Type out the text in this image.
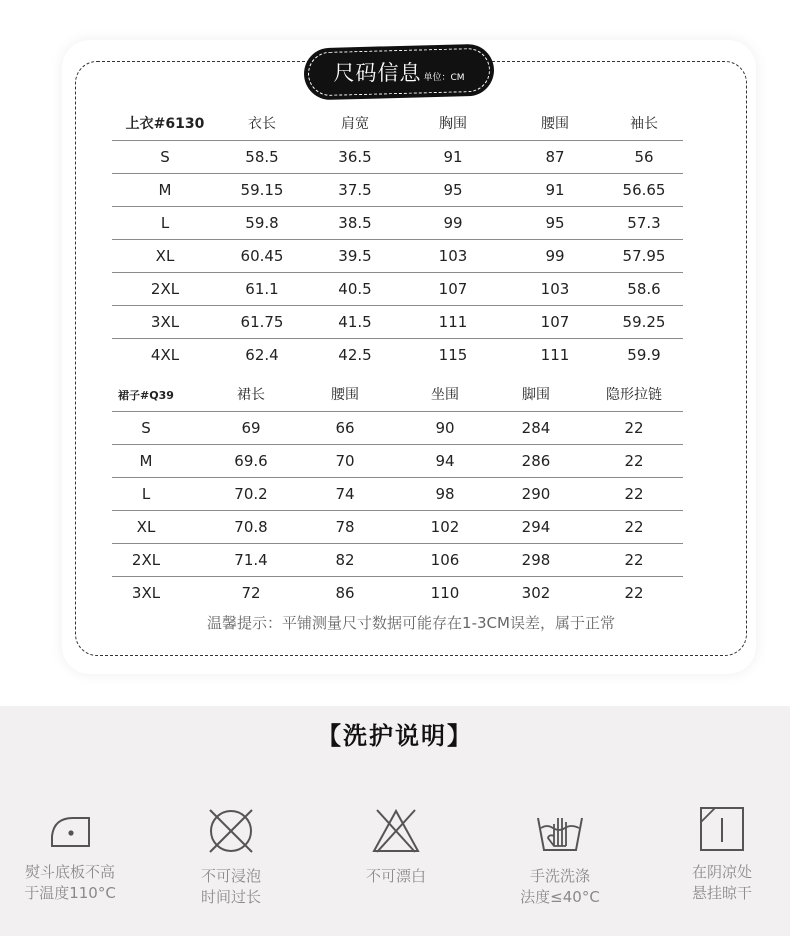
尺码信息 单位：CM
上衣#6130	衣长	肩宽	胸围	腰围	袖长
S	58.5	36.5	91	87	56
M	59.15	37.5	95	91	56.65
L	59.8	38.5	99	95	57.3
XL	60.45	39.5	103	99	57.95
2XL	61.1	40.5	107	103	58.6
3XL	61.75	41.5	111	107	59.25
4XL	62.4	42.5	115	111	59.9
裙子#Q39	裙长	腰围	坐围	脚围	隐形拉链
S	69	66	90	284	22
M	69.6	70	94	286	22
L	70.2	74	98	290	22
XL	70.8	78	102	294	22
2XL	71.4	82	106	298	22
3XL	72	86	110	302	22
温馨提示：平铺测量尺寸数据可能存在1-3CM误差，属于正常
【洗护说明】
熨斗底板不高
于温度110°C
不可浸泡
时间过长
不可漂白	手洗洗涤
法度≤40°C
在阴凉处
悬挂晾干
